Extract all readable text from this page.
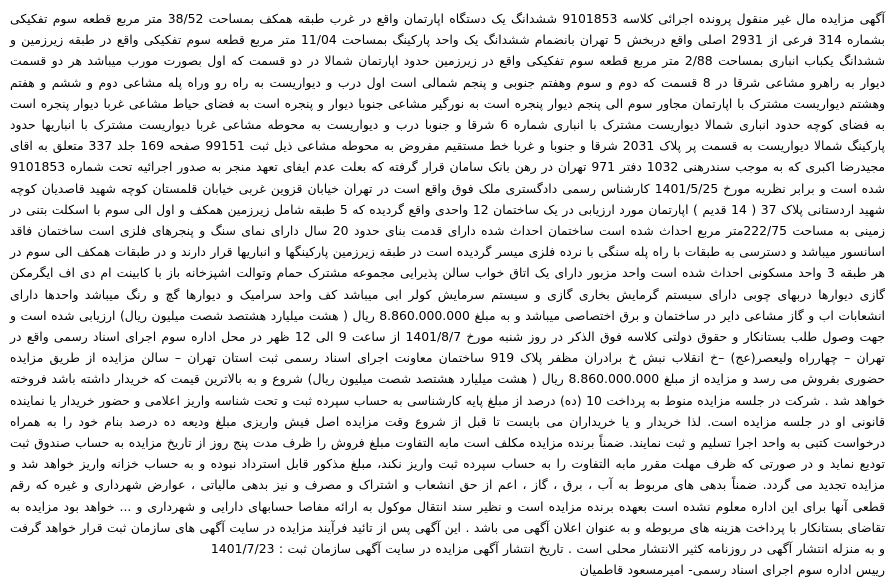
آگهی مزایده مال غیر منقول پرونده اجرائی کلاسه 9101853 ششدانگ یک دستگاه اپارتمان واقع در غرب طبقه همکف بمساحت 38/52 متر مربع قطعه سوم تفکیکی بشماره 314 فرعی از 2931 اصلی واقع دربخش 5 تهران بانضمام ششدانگ یک واحد پارکینگ بمساحت 11/04 متر مربع قطعه سوم تفکیکی واقع در طبقه زیرزمین و ششدانگ یکباب انباری بمساحت 2/88 متر مربع قطعه سوم تفکیکی واقع در زیرزمین حدود اپارتمان شمالا در دو قسمت که اول بصورت مورب میباشد هر دو قسمت دیوار به راهرو مشاعی شرقا در 8 قسمت که دوم و سوم وهفتم جنوبی و پنجم شمالی است اول درب و دیواریست به راه رو وراه پله مشاعی دوم و ششم و هفتم وهشتم دیواریست مشترک با اپارتمان مجاور سوم الی پنجم دیوار پنجره است به نورگیر مشاعی جنوبا دیوار و پنجره است به فضای حیاط مشاعی غربا دیوار پنجره است به فضای کوچه حدود انباری شمالا دیواریست مشترک با انباری شماره 6 شرقا و جنوبا درب و دیواریست به محوطه مشاعی غربا دیواریست مشترک با انباریها حدود پارکینگ شمالا دیواریست به قسمت پر پلاک 2031 شرقا و جنوبا و غربا خط مستقیم مفروض به محوطه مشاعی ذیل ثبت 99151 صفحه 169 جلد 337 متعلق به اقای مجیدرضا اکبری که به موجب سندرهنی 1032 دفتر 971 تهران در رهن بانک سامان قرار گرفته که بعلت عدم ایفای تعهد منجر به صدور اجرائیه تحت شماره 9101853 شده است و برابر نظریه مورخ 1401/5/25 کارشناس رسمی دادگستری ملک فوق واقع است در تهران خیابان قزوین غربی خیابان قلمستان کوچه شهید قاصدیان کوچه شهید اردستانی پلاک 37 ( 14 قدیم ) اپارتمان مورد ارزیابی در یک ساختمان 12 واحدی واقع گردیده که 5 طبقه شامل زیرزمین همکف و اول الی سوم با اسکلت بتنی در زمینی به مساحت 222/75متر مربع احداث شده است ساختمان احداث شده دارای قدمت بنای حدود 20 سال دارای نمای سنگ و پنجرهای فلزی است ساختمان فاقد اسانسور میباشد و دسترسی به طبقات با راه پله سنگی با نرده فلزی میسر گردیده است در طبقه زیرزمین پارکینگها و انباریها قرار دارند و در طبقات همکف الی سوم در هر طبقه 3 واحد مسکونی احداث شده است واحد مزبور دارای یک اتاق خواب سالن پذیرایی مجموعه مشترک حمام وتوالت اشپزخانه باز با کابینت ام دی اف ایگرمکن گازی دیوارها دربهای چوبی دارای سیستم گرمایش بخاری گازی و سیستم سرمایش کولر ابی میباشد کف واحد سرامیک و دیوارها گچ و رنگ میباشد واحدها دارای انشعابات اب و گاز مشاعی دایر در ساختمان و برق اختصاصی میباشد و به مبلغ 8.860.000.000 ریال ( هشت میلیارد هشتصد شصت میلیون ریال) ارزیابی شده است و جهت وصول طلب بستانکار و حقوق دولتی کلاسه فوق الذکر در روز شنبه مورخ 1401/8/7 از ساعت 9 الی 12 ظهر در محل اداره سوم اجرای اسناد رسمی واقع در تهران – چهارراه ولیعصر(عج) –خ انقلاب نبش خ برادران مظفر پلاک 919 ساختمان معاونت اجرای اسناد رسمی ثبت استان تهران – سالن مزایده از طریق مزایده حضوری بفروش می رسد و مزایده از مبلغ 8.860.000.000 ریال ( هشت میلیارد هشتصد شصت میلیون ریال) شروع و به بالاترین قیمت که خریدار داشته باشد فروخته خواهد شد . شرکت در جلسه مزایده منوط به پرداخت 10 (ده) درصد از مبلغ پایه کارشناسی به حساب سپرده ثبت و تحت شناسه واریز اعلامی و حضور خریدار یا نماینده قانونی او در جلسه مزایده است. لذا خریدار و یا خریداران می بایست تا قبل از شروع وقت مزایده اصل فیش واریزی مبلغ ودیعه ده درصد بنام خود را به همراه درخواست کتبی به واحد اجرا تسلیم و ثبت نمایند. ضمناً برنده مزایده مکلف است مابه التفاوت مبلغ فروش را ظرف مدت پنج روز از تاریخ مزایده به حساب صندوق ثبت تودیع نماید و در صورتی که ظرف مهلت مقرر مابه التفاوت را به حساب سپرده ثبت واریز نکند، مبلغ مذکور قابل استرداد نبوده و به حساب خزانه واریز خواهد شد و مزایده تجدید می گردد. ضمناً بدهی های مربوط به آب ، برق ، گاز ، اعم از حق انشعاب و اشتراک و مصرف و نیز بدهی مالیاتی ، عوارض شهرداری و غیره که رقم قطعی آنها برای این اداره معلوم نشده است بعهده برنده مزایده است و نظیر سند انتقال موکول به ارائه مفاصا حسابهای دارایی و شهرداری و ... خواهد بود مزایده به تقاضای بستانکار با پرداخت هزینه های مربوطه و به عنوان اعلان آگهی می باشد . این آگهی پس از تائید فرآیند مزایده در سایت آگهی های سازمان ثبت قرار خواهد گرفت و به منزله انتشار آگهی در روزنامه کثیر الانتشار محلی است . تاریخ انتشار آگهی مزایده در سایت آگهی سازمان ثبت : 1401/7/23

رییس اداره سوم اجرای اسناد رسمی- امیرمسعود قاطمیان
